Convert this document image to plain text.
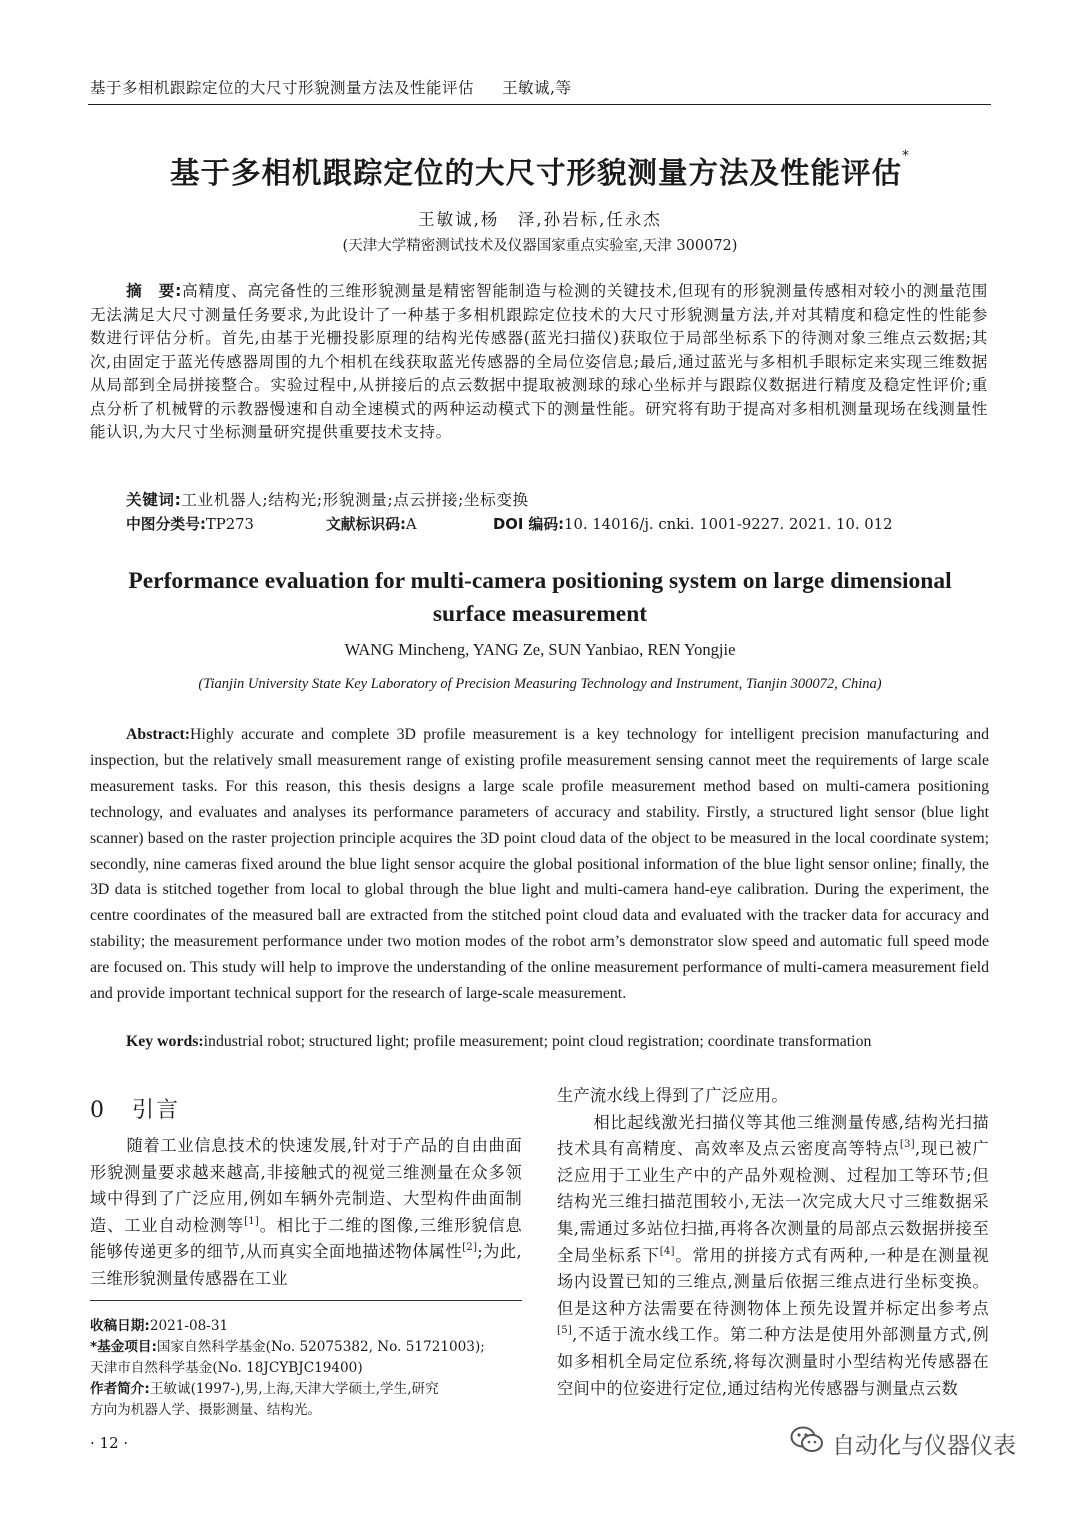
基于多相机跟踪定位的大尺寸形貌测量方法及性能评估 王敏诚,等
基于多相机跟踪定位的大尺寸形貌测量方法及性能评估*
王敏诚,杨　泽,孙岩标,任永杰
(天津大学精密测试技术及仪器国家重点实验室,天津 300072)
摘　要:高精度、高完备性的三维形貌测量是精密智能制造与检测的关键技术,但现有的形貌测量传感相对较小的测量范围无法满足大尺寸测量任务要求,为此设计了一种基于多相机跟踪定位技术的大尺寸形貌测量方法,并对其精度和稳定性的性能参数进行评估分析。首先,由基于光栅投影原理的结构光传感器(蓝光扫描仪)获取位于局部坐标系下的待测对象三维点云数据;其次,由固定于蓝光传感器周围的九个相机在线获取蓝光传感器的全局位姿信息;最后,通过蓝光与多相机手眼标定来实现三维数据从局部到全局拼接整合。实验过程中,从拼接后的点云数据中提取被测球的球心坐标并与跟踪仪数据进行精度及稳定性评价;重点分析了机械臂的示教器慢速和自动全速模式的两种运动模式下的测量性能。研究将有助于提高对多相机测量现场在线测量性能认识,为大尺寸坐标测量研究提供重要技术支持。
关键词:工业机器人;结构光;形貌测量;点云拼接;坐标变换
中图分类号:TP273	文献标识码:A	DOI 编码:10. 14016/j. cnki. 1001-9227. 2021. 10. 012
Performance evaluation for multi-camera positioning system on large dimensional surface measurement
WANG Mincheng, YANG Ze, SUN Yanbiao, REN Yongjie
(Tianjin University State Key Laboratory of Precision Measuring Technology and Instrument, Tianjin 300072, China)
Abstract:Highly accurate and complete 3D profile measurement is a key technology for intelligent precision manufacturing and inspection, but the relatively small measurement range of existing profile measurement sensing cannot meet the requirements of large scale measurement tasks. For this reason, this thesis designs a large scale profile measurement method based on multi-camera positioning technology, and evaluates and analyses its performance parameters of accuracy and stability. Firstly, a structured light sensor (blue light scanner) based on the raster projection principle acquires the 3D point cloud data of the object to be measured in the local coordinate system; secondly, nine cameras fixed around the blue light sensor acquire the global positional information of the blue light sensor online; finally, the 3D data is stitched together from local to global through the blue light and multi-camera hand-eye calibration. During the experiment, the centre coordinates of the measured ball are extracted from the stitched point cloud data and evaluated with the tracker data for accuracy and stability; the measurement performance under two motion modes of the robot arm’s demonstrator slow speed and automatic full speed mode are focused on. This study will help to improve the understanding of the online measurement performance of multi-camera measurement field and provide important technical support for the research of large-scale measurement.
Key words:industrial robot; structured light; profile measurement; point cloud registration; coordinate transformation
0 引言

随着工业信息技术的快速发展,针对于产品的自由曲面形貌测量要求越来越高,非接触式的视觉三维测量在众多领域中得到了广泛应用,例如车辆外壳制造、大型构件曲面制造、工业自动检测等[1]。相比于二维的图像,三维形貌信息能够传递更多的细节,从而真实全面地描述物体属性[2];为此,三维形貌测量传感器在工业

生产流水线上得到了广泛应用。

相比起线激光扫描仪等其他三维测量传感,结构光扫描技术具有高精度、高效率及点云密度高等特点[3],现已被广泛应用于工业生产中的产品外观检测、过程加工等环节;但结构光三维扫描范围较小,无法一次完成大尺寸三维数据采集,需通过多站位扫描,再将各次测量的局部点云数据拼接至全局坐标系下[4]。常用的拼接方式有两种,一种是在测量视场内设置已知的三维点,测量后依据三维点进行坐标变换。但是这种方法需要在待测物体上预先设置并标定出参考点[5],不适于流水线工作。第二种方法是使用外部测量方式,例如多相机全局定位系统,将每次测量时小型结构光传感器在空间中的位姿进行定位,通过结构光传感器与测量点云数

收稿日期:2021-08-31
*基金项目:国家自然科学基金(No. 52075382, No. 51721003);
天津市自然科学基金(No. 18JCYBJC19400)
作者简介:王敏诚(1997-),男,上海,天津大学硕士,学生,研究
方向为机器人学、摄影测量、结构光。
· 12 ·	自动化与仪器仪表
